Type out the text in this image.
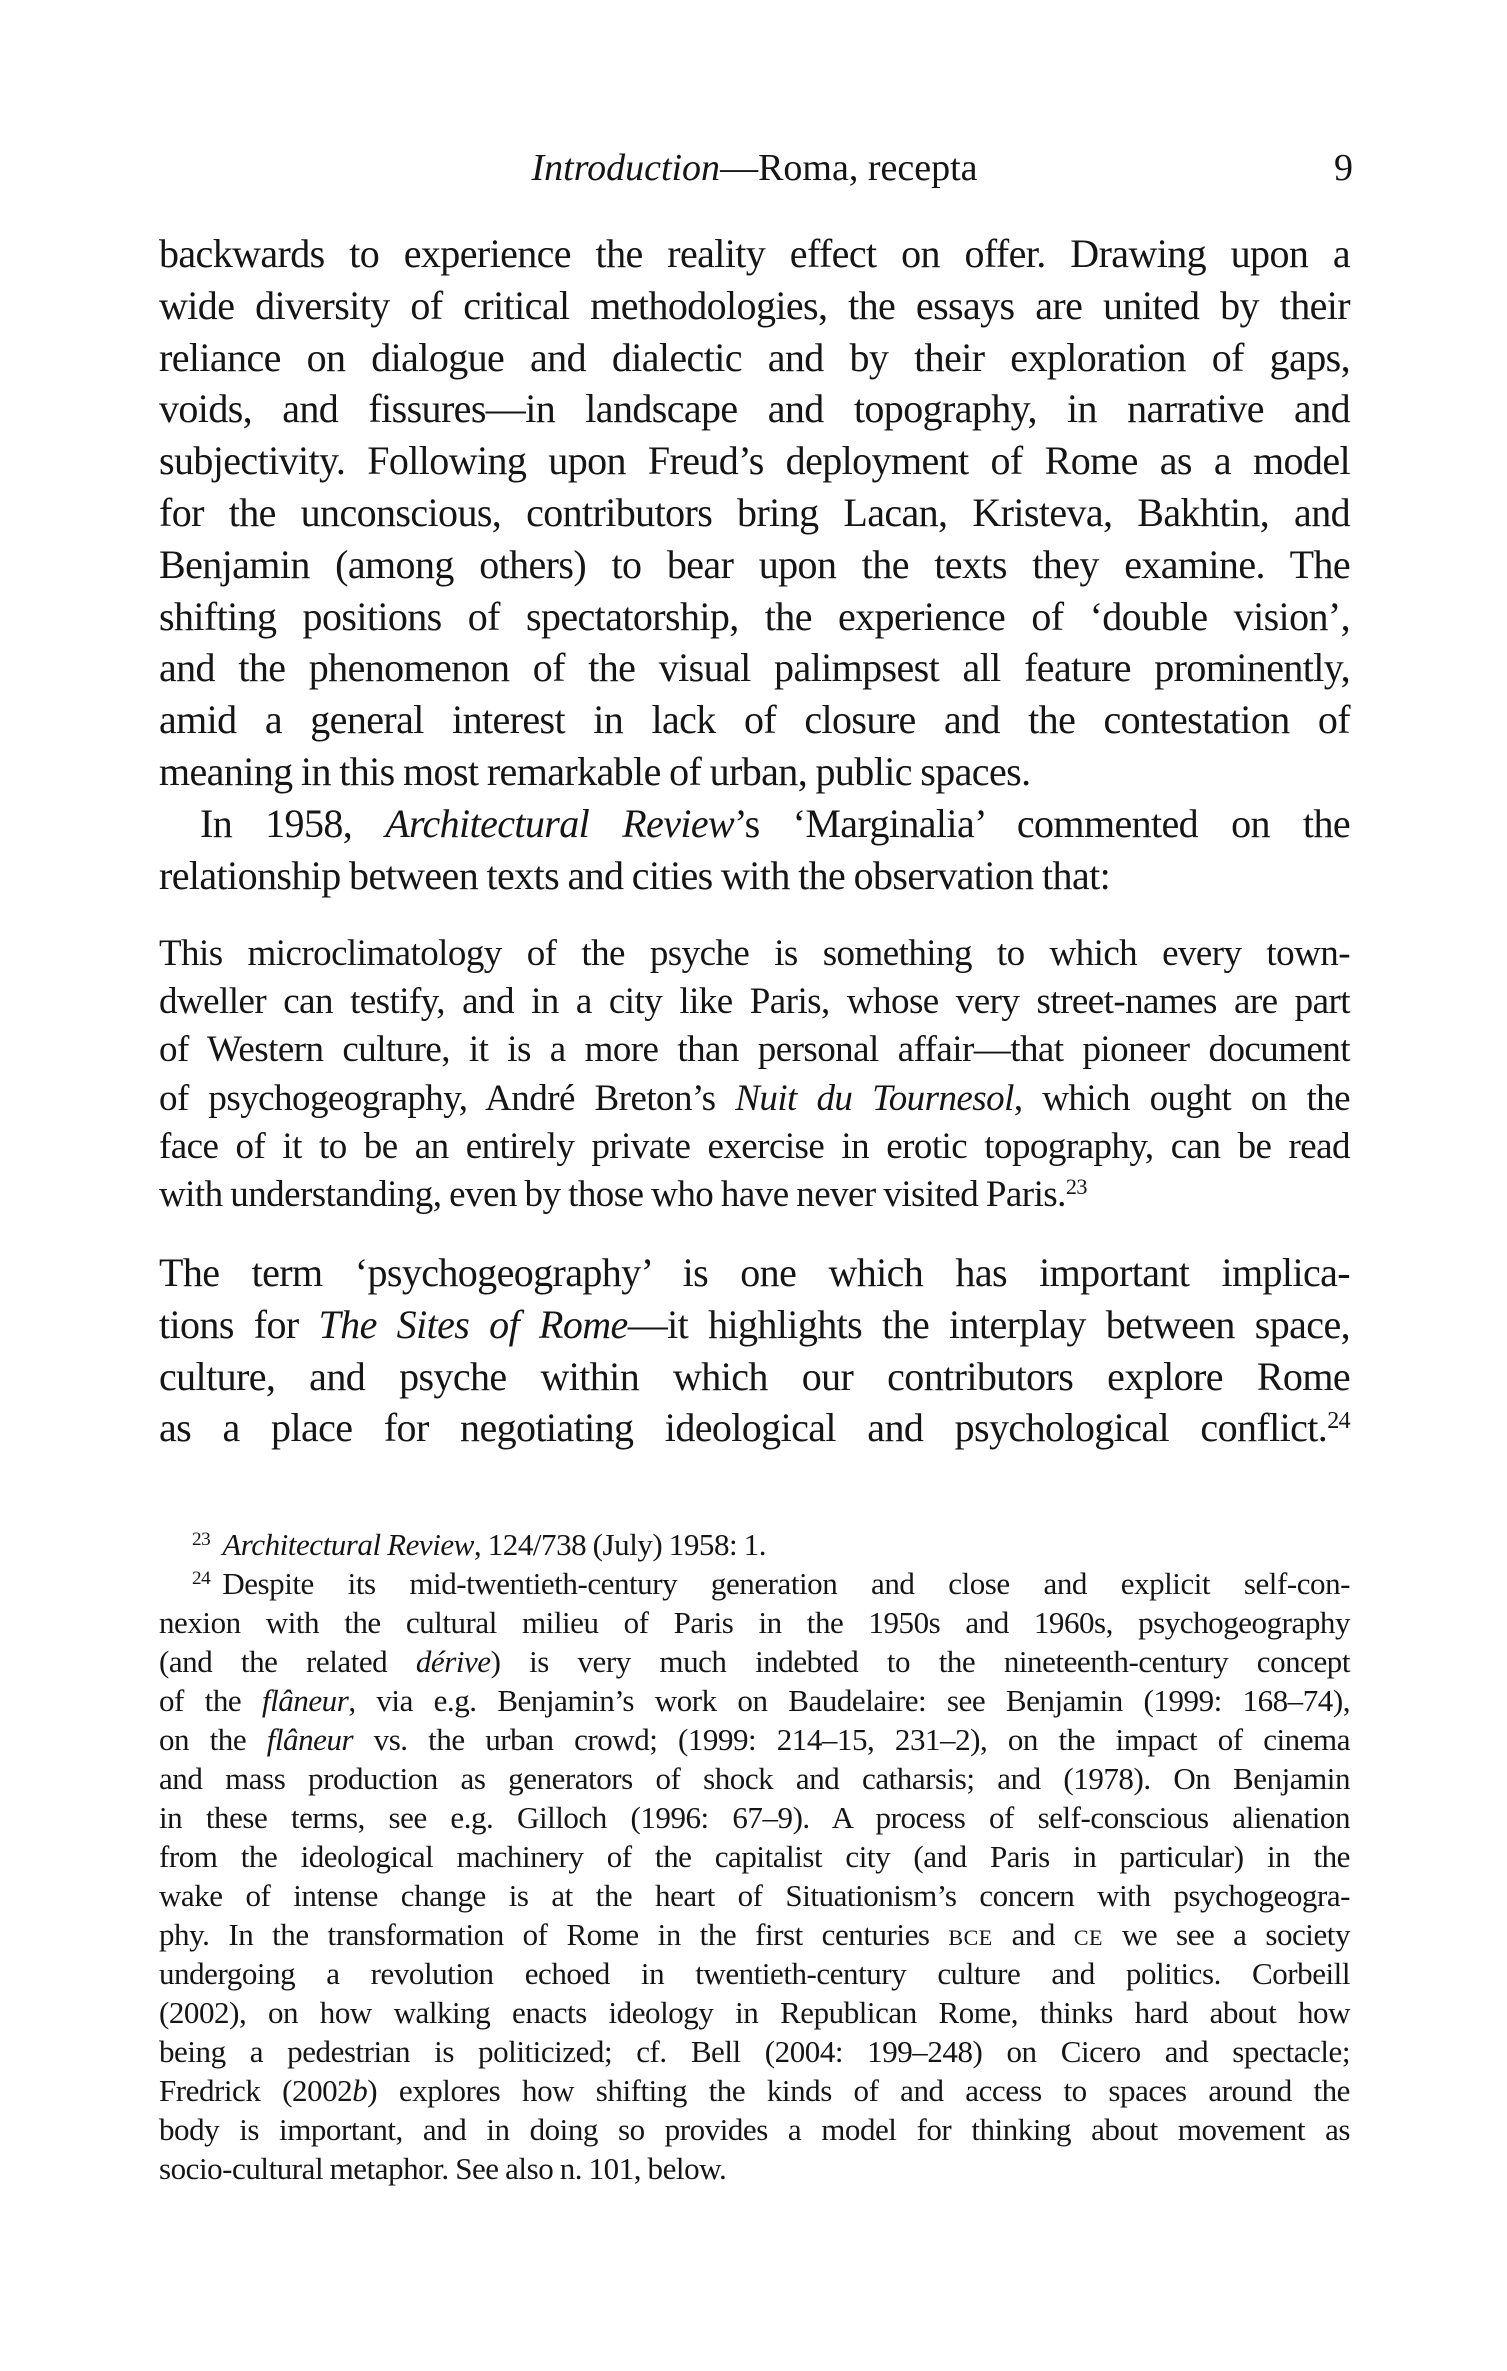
Introduction—Roma, recepta	9
backwards to experience the reality effect on offer. Drawing upon a
wide diversity of critical methodologies, the essays are united by their
reliance on dialogue and dialectic and by their exploration of gaps,
voids, and fissures—in landscape and topography, in narrative and
subjectivity. Following upon Freud’s deployment of Rome as a model
for the unconscious, contributors bring Lacan, Kristeva, Bakhtin, and
Benjamin (among others) to bear upon the texts they examine. The
shifting positions of spectatorship, the experience of ‘double vision’,
and the phenomenon of the visual palimpsest all feature prominently,
amid a general interest in lack of closure and the contestation of
meaning in this most remarkable of urban, public spaces.
In 1958, Architectural Review’s ‘Marginalia’ commented on the
relationship between texts and cities with the observation that:
This microclimatology of the psyche is something to which every town-
dweller can testify, and in a city like Paris, whose very street-names are part
of Western culture, it is a more than personal affair—that pioneer document
of psychogeography, André Breton’s Nuit du Tournesol, which ought on the
face of it to be an entirely private exercise in erotic topography, can be read
with understanding, even by those who have never visited Paris.$^{23}$
The term ‘psychogeography’ is one which has important implica-
tions for The Sites of Rome—it highlights the interplay between space,
culture, and psyche within which our contributors explore Rome
as a place for negotiating ideological and psychological conflict.$^{24}$
$^{23}$ Architectural Review, 124/738 (July) 1958: 1.
$^{24}$ Despite its mid-twentieth-century generation and close and explicit self-con-
nexion with the cultural milieu of Paris in the 1950s and 1960s, psychogeography
(and the related dérive) is very much indebted to the nineteenth-century concept
of the flâneur, via e.g. Benjamin’s work on Baudelaire: see Benjamin (1999: 168–74),
on the flâneur vs. the urban crowd; (1999: 214–15, 231–2), on the impact of cinema
and mass production as generators of shock and catharsis; and (1978). On Benjamin
in these terms, see e.g. Gilloch (1996: 67–9). A process of self-conscious alienation
from the ideological machinery of the capitalist city (and Paris in particular) in the
wake of intense change is at the heart of Situationism’s concern with psychogeogra-
phy. In the transformation of Rome in the first centuries bce and ce we see a society
undergoing a revolution echoed in twentieth-century culture and politics. Corbeill
(2002), on how walking enacts ideology in Republican Rome, thinks hard about how
being a pedestrian is politicized; cf. Bell (2004: 199–248) on Cicero and spectacle;
Fredrick (2002b) explores how shifting the kinds of and access to spaces around the
body is important, and in doing so provides a model for thinking about movement as
socio-cultural metaphor. See also n. 101, below.
